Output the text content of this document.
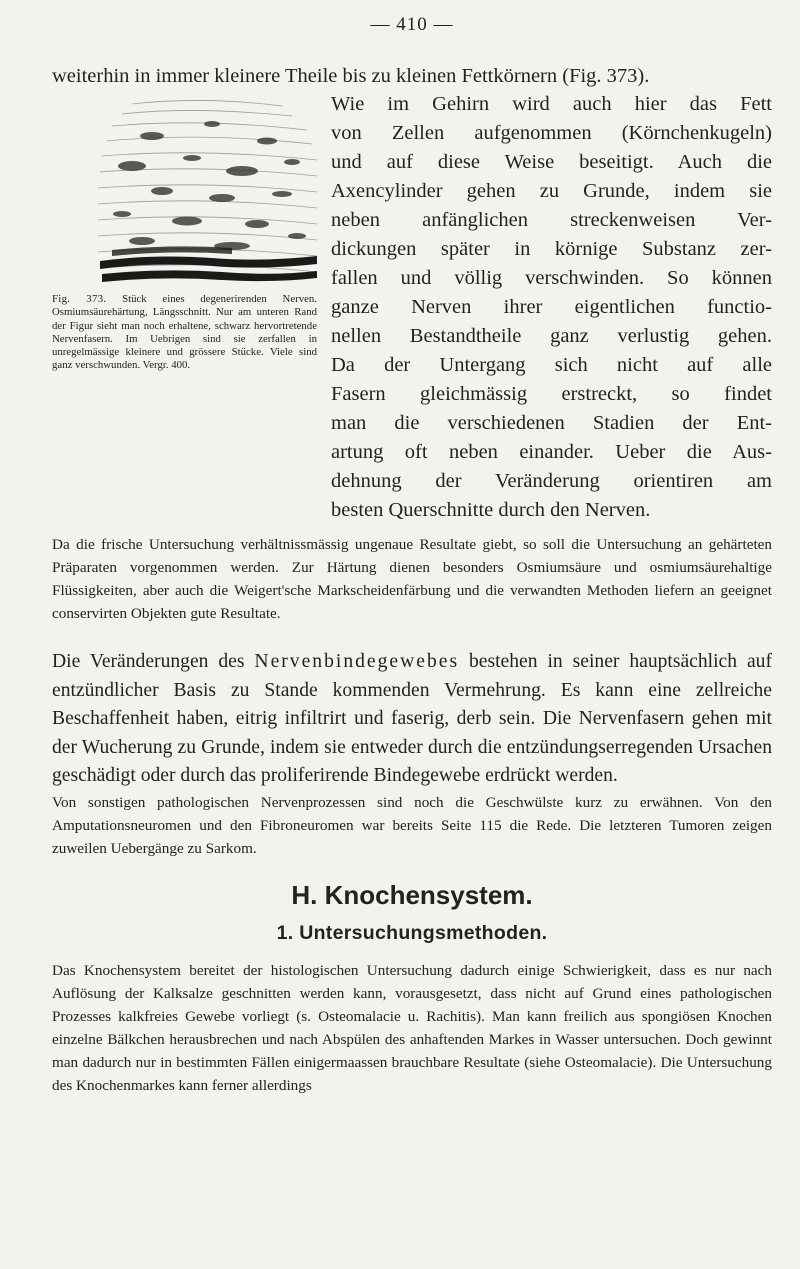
— 410 —
weiterhin in immer kleinere Theile bis zu kleinen Fettkörnern (Fig. 373).
Fig. 373. Stück eines degenerirenden Nerven. Osmiumsäurehärtung, Längsschnitt. Nur am unteren Rand der Figur sieht man noch erhaltene, schwarz hervortretende Nervenfasern. Im Uebrigen sind sie zerfallen in unregelmässige kleinere und grössere Stücke. Viele sind ganz verschwunden. Vergr. 400.
Wie im Gehirn wird auch hier das Fett
von Zellen aufgenommen (Körnchenkugeln)
und auf diese Weise beseitigt. Auch die
Axencylinder gehen zu Grunde, indem sie
neben anfänglichen streckenweisen Ver-
dickungen später in körnige Substanz zer-
fallen und völlig verschwinden. So können
ganze Nerven ihrer eigentlichen functio-
nellen Bestandtheile ganz verlustig gehen.
Da der Untergang sich nicht auf alle
Fasern gleichmässig erstreckt, so findet
man die verschiedenen Stadien der Ent-
artung oft neben einander. Ueber die Aus-
dehnung der Veränderung orientiren am
besten Querschnitte durch den Nerven.
Da die frische Untersuchung verhältnissmässig ungenaue Resultate giebt, so soll die Untersuchung an gehärteten Präparaten vorgenommen werden. Zur Härtung dienen besonders Osmiumsäure und osmiumsäurehaltige Flüssigkeiten, aber auch die Weigert'sche Markscheidenfärbung und die verwandten Methoden liefern an geeignet conservirten Objekten gute Resultate.
Die Veränderungen des Nervenbindegewebes bestehen in seiner hauptsächlich auf entzündlicher Basis zu Stande kommenden Vermehrung. Es kann eine zellreiche Beschaffenheit haben, eitrig infiltrirt und faserig, derb sein. Die Nervenfasern gehen mit der Wucherung zu Grunde, indem sie entweder durch die entzündungserregenden Ursachen geschädigt oder durch das proliferirende Bindegewebe erdrückt werden.
Von sonstigen pathologischen Nervenprozessen sind noch die Geschwülste kurz zu erwähnen. Von den Amputationsneuromen und den Fibroneuromen war bereits Seite 115 die Rede. Die letzteren Tumoren zeigen zuweilen Uebergänge zu Sarkom.
H. Knochensystem.
1. Untersuchungsmethoden.
Das Knochensystem bereitet der histologischen Untersuchung dadurch einige Schwierigkeit, dass es nur nach Auflösung der Kalksalze geschnitten werden kann, vorausgesetzt, dass nicht auf Grund eines pathologischen Prozesses kalkfreies Gewebe vorliegt (s. Osteomalacie u. Rachitis). Man kann freilich aus spongiösen Knochen einzelne Bälkchen herausbrechen und nach Abspülen des anhaftenden Markes in Wasser untersuchen. Doch gewinnt man dadurch nur in bestimmten Fällen einigermaassen brauchbare Resultate (siehe Osteomalacie). Die Untersuchung des Knochenmarkes kann ferner allerdings
